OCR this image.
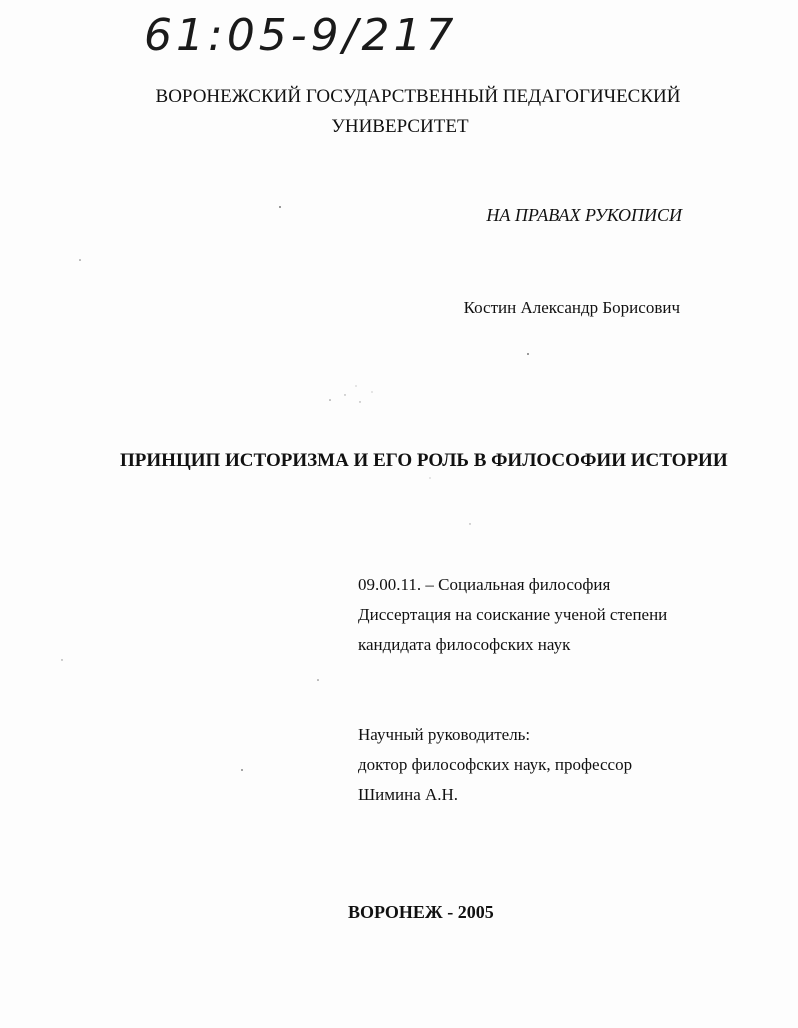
61:05-9/217
ВОРОНЕЖСКИЙ ГОСУДАРСТВЕННЫЙ ПЕДАГОГИЧЕСКИЙ
УНИВЕРСИТЕТ
НА ПРАВАХ РУКОПИСИ
Костин Александр Борисович
ПРИНЦИП ИСТОРИЗМА И ЕГО РОЛЬ В ФИЛОСОФИИ ИСТОРИИ
09.00.11. – Социальная философия
Диссертация на соискание ученой степени
кандидата философских наук
Научный руководитель:
доктор философских наук, профессор
Шимина А.Н.
ВОРОНЕЖ - 2005
